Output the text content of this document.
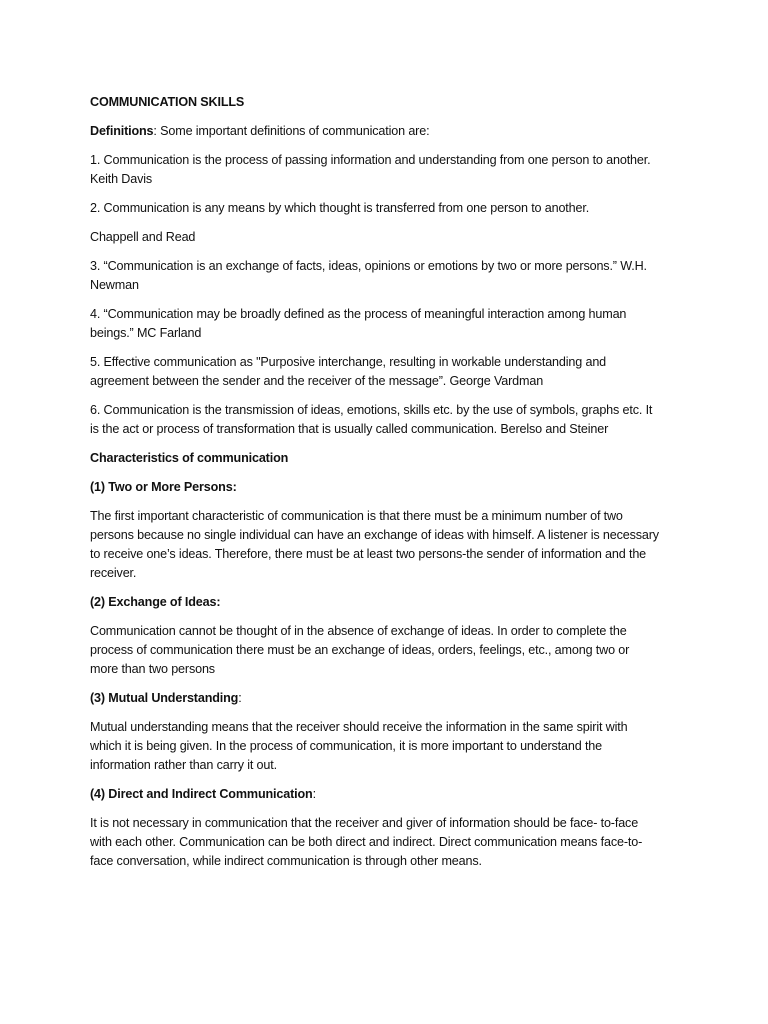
COMMUNICATION SKILLS
Definitions: Some important definitions of communication are:
1. Communication is the process of passing information and understanding from one person to another.
Keith Davis
2. Communication is any means by which thought is transferred from one person to another.
Chappell and Read
3. “Communication is an exchange of facts, ideas, opinions or emotions by two or more persons.” W.H.
Newman
4. “Communication may be broadly defined as the process of meaningful interaction among human
beings.” MC Farland
5. Effective communication as "Purposive interchange, resulting in workable understanding and
agreement between the sender and the receiver of the message”. George Vardman
6. Communication is the transmission of ideas, emotions, skills etc. by the use of symbols, graphs etc. It
is the act or process of transformation that is usually called communication. Berelso and Steiner
Characteristics of communication
(1) Two or More Persons:
The first important characteristic of communication is that there must be a minimum number of two
persons because no single individual can have an exchange of ideas with himself. A listener is necessary
to receive one’s ideas. Therefore, there must be at least two persons-the sender of information and the
receiver.
(2) Exchange of Ideas:
Communication cannot be thought of in the absence of exchange of ideas. In order to complete the
process of communication there must be an exchange of ideas, orders, feelings, etc., among two or
more than two persons
(3) Mutual Understanding:
Mutual understanding means that the receiver should receive the information in the same spirit with
which it is being given. In the process of communication, it is more important to understand the
information rather than carry it out.
(4) Direct and Indirect Communication:
It is not necessary in communication that the receiver and giver of information should be face- to-face
with each other. Communication can be both direct and indirect. Direct communication means face-to-
face conversation, while indirect communication is through other means.
